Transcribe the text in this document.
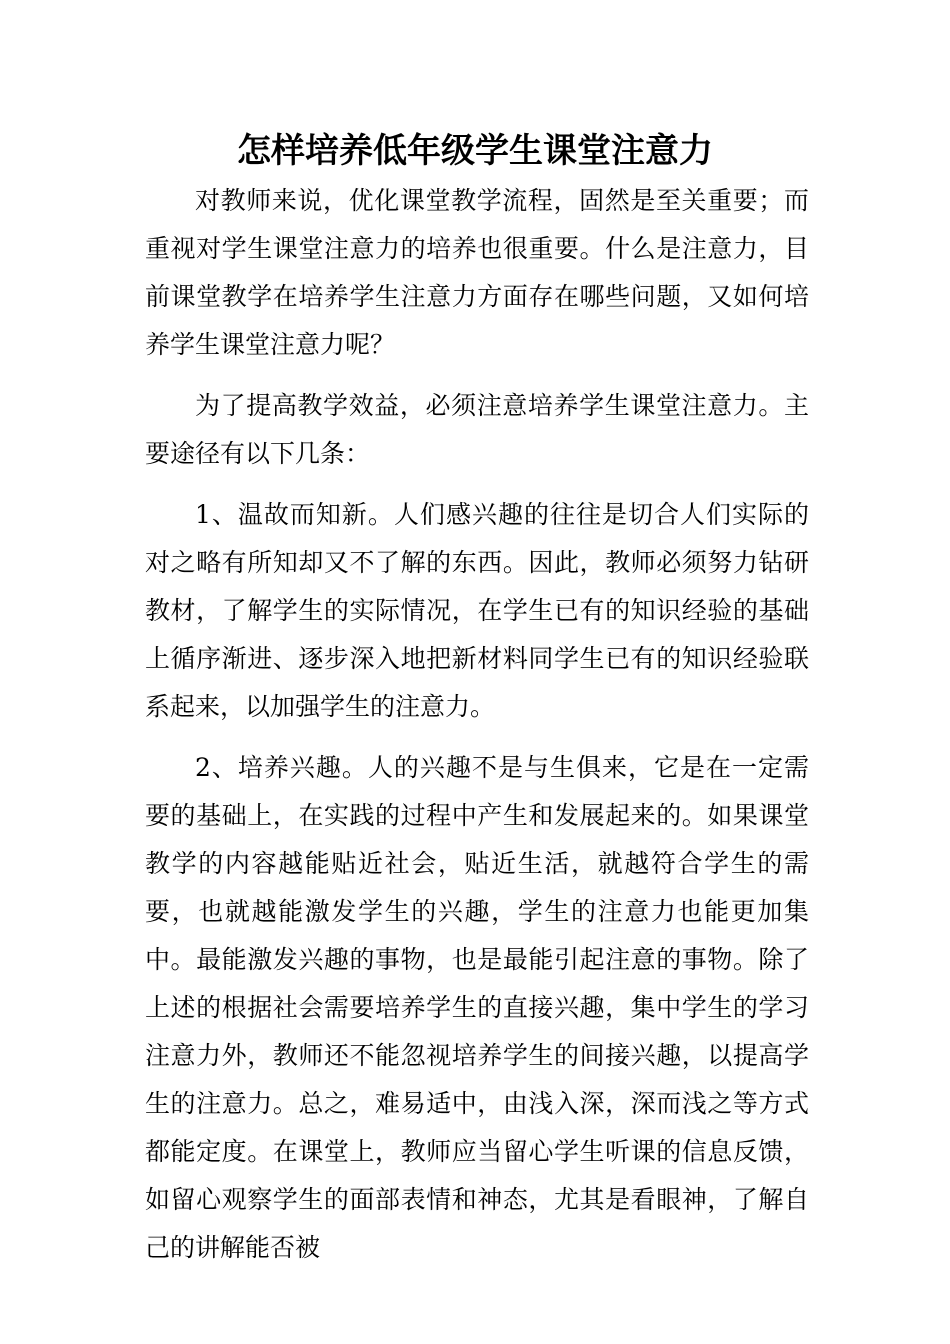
怎样培养低年级学生课堂注意力

对教师来说，优化课堂教学流程，固然是至关重要；而重视对学生课堂注意力的培养也很重要。什么是注意力，目前课堂教学在培养学生注意力方面存在哪些问题，又如何培养学生课堂注意力呢？

为了提高教学效益，必须注意培养学生课堂注意力。主要途径有以下几条：

1、温故而知新。人们感兴趣的往往是切合人们实际的对之略有所知却又不了解的东西。因此，教师必须努力钻研教材，了解学生的实际情况，在学生已有的知识经验的基础上循序渐进、逐步深入地把新材料同学生已有的知识经验联系起来，以加强学生的注意力。

2、培养兴趣。人的兴趣不是与生俱来，它是在一定需要的基础上，在实践的过程中产生和发展起来的。如果课堂教学的内容越能贴近社会，贴近生活，就越符合学生的需要，也就越能激发学生的兴趣，学生的注意力也能更加集中。最能激发兴趣的事物，也是最能引起注意的事物。除了上述的根据社会需要培养学生的直接兴趣，集中学生的学习注意力外，教师还不能忽视培养学生的间接兴趣，以提高学生的注意力。总之，难易适中，由浅入深，深而浅之等方式都能定度。在课堂上，教师应当留心学生听课的信息反馈，如留心观察学生的面部表情和神态，尤其是看眼神，了解自己的讲解能否被
